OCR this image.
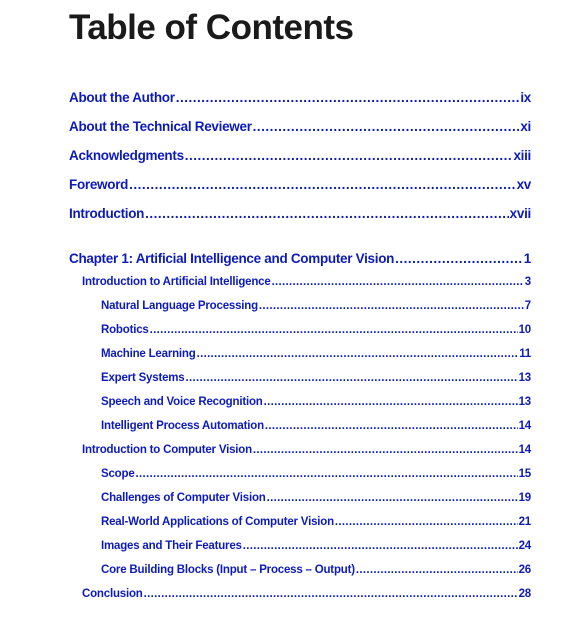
Table of Contents
About the Author .....	ix
About the Technical Reviewer .....	xi
Acknowledgments .....	xiii
Foreword .....	xv
Introduction .....	xvii
Chapter 1: Artificial Intelligence and Computer Vision .....	1
Introduction to Artificial Intelligence .....	3
Natural Language Processing .....	7
Robotics .....	10
Machine Learning .....	11
Expert Systems .....	13
Speech and Voice Recognition .....	13
Intelligent Process Automation .....	14
Introduction to Computer Vision .....	14
Scope .....	15
Challenges of Computer Vision .....	19
Real-World Applications of Computer Vision .....	21
Images and Their Features .....	24
Core Building Blocks (Input – Process – Output) .....	26
Conclusion .....	28
